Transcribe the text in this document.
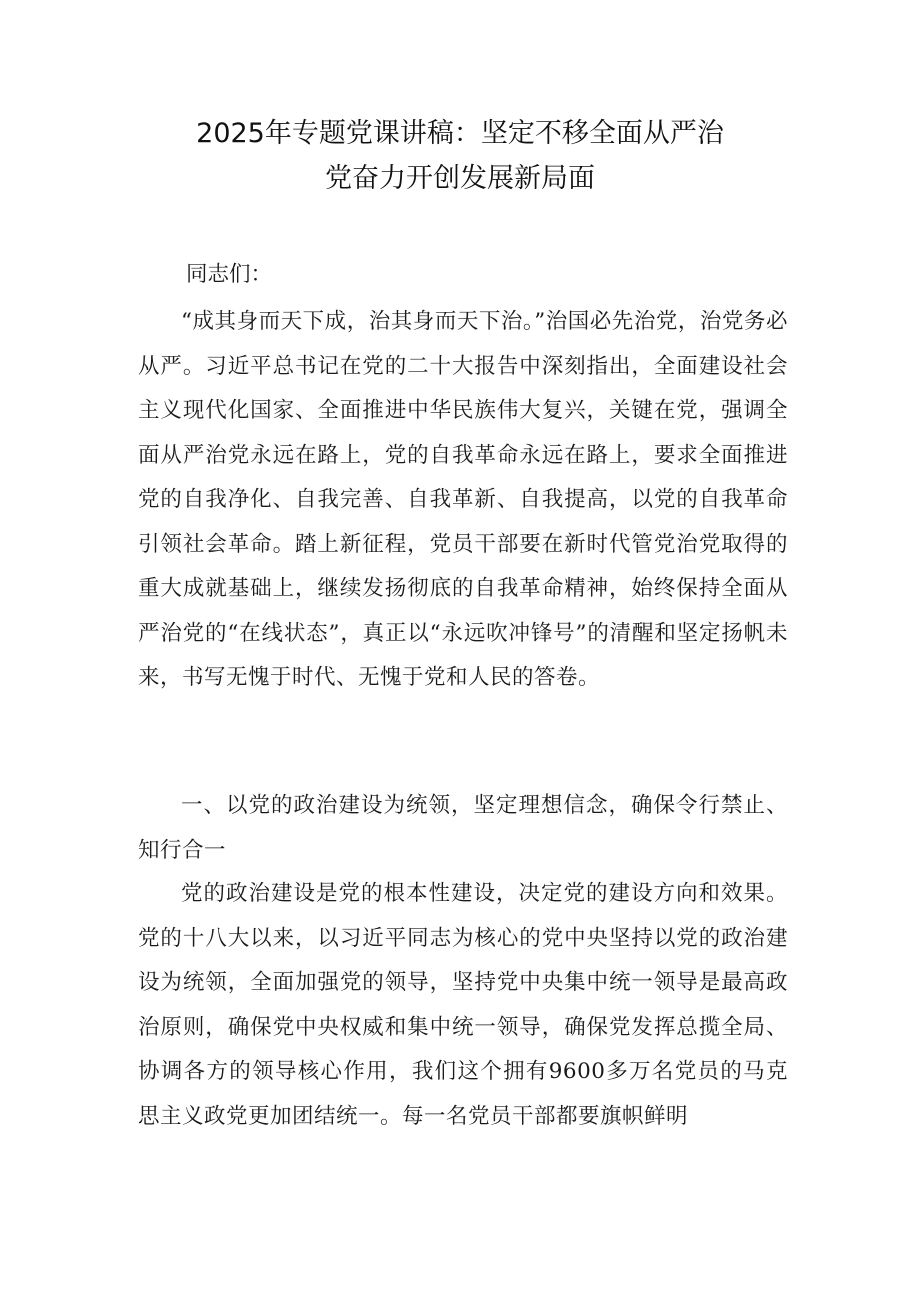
2025年专题党课讲稿：坚定不移全面从严治
党奋力开创发展新局面
同志们：

“成其身而天下成，治其身而天下治。”治国必先治党，治党务必从严。习近平总书记在党的二十大报告中深刻指出，全面建设社会主义现代化国家、全面推进中华民族伟大复兴，关键在党，强调全面从严治党永远在路上，党的自我革命永远在路上，要求全面推进党的自我净化、自我完善、自我革新、自我提高，以党的自我革命引领社会革命。踏上新征程，党员干部要在新时代管党治党取得的重大成就基础上，继续发扬彻底的自我革命精神，始终保持全面从严治党的“在线状态”，真正以“永远吹冲锋号”的清醒和坚定扬帆未来，书写无愧于时代、无愧于党和人民的答卷。

一、以党的政治建设为统领，坚定理想信念，确保令行禁止、知行合一

党的政治建设是党的根本性建设，决定党的建设方向和效果。党的十八大以来，以习近平同志为核心的党中央坚持以党的政治建设为统领，全面加强党的领导，坚持党中央集中统一领导是最高政治原则，确保党中央权威和集中统一领导，确保党发挥总揽全局、协调各方的领导核心作用，我们这个拥有9600多万名党员的马克思主义政党更加团结统一。每一名党员干部都要旗帜鲜明
